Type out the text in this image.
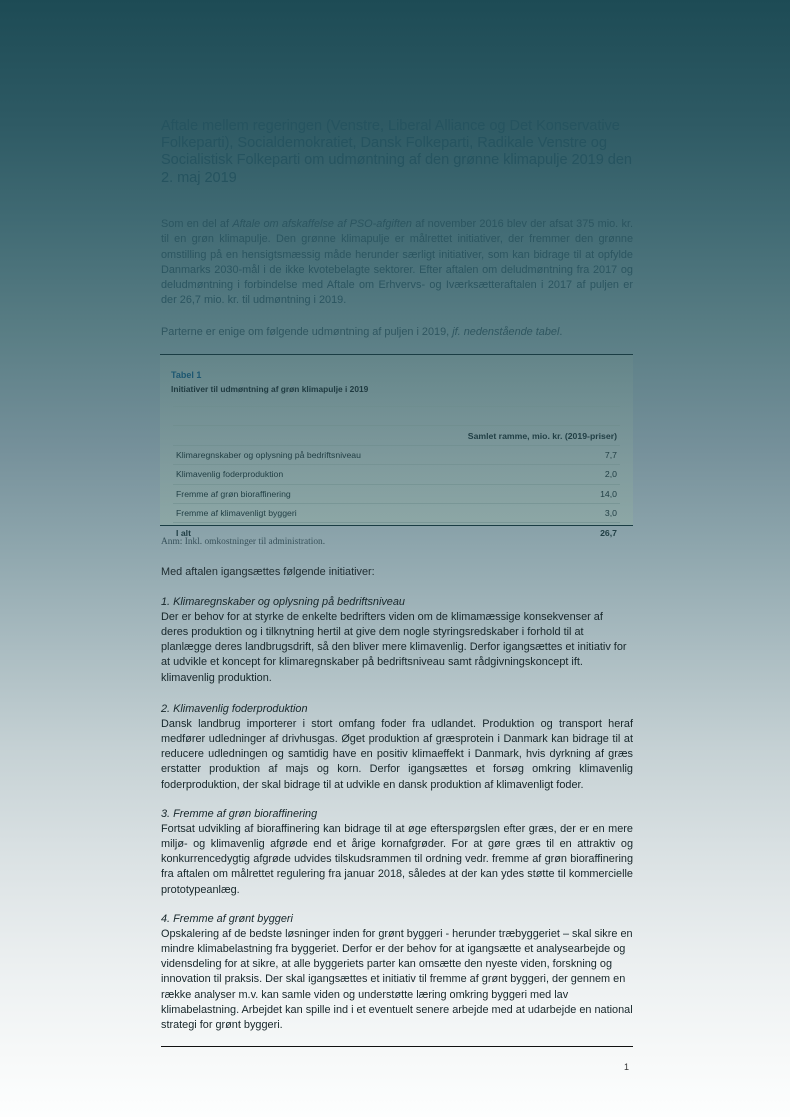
Aftale mellem regeringen (Venstre, Liberal Alliance og Det Konservative Folkeparti), Socialdemokratiet, Dansk Folkeparti, Radikale Venstre og Socialistisk Folkeparti om udmøntning af den grønne klimapulje 2019 den 2. maj 2019

Som en del af Aftale om afskaffelse af PSO-afgiften af november 2016 blev der afsat 375 mio. kr. til en grøn klimapulje. Den grønne klimapulje er målrettet initiativer, der fremmer den grønne omstilling på en hensigtsmæssig måde herunder særligt initiativer, som kan bidrage til at opfylde Danmarks 2030-mål i de ikke kvotebelagte sektorer. Efter aftalen om deludmøntning fra 2017 og deludmøntning i forbindelse med Aftale om Erhvervs- og Iværksætteraftalen i 2017 af puljen er der 26,7 mio. kr. til udmøntning i 2019.

Parterne er enige om følgende udmøntning af puljen i 2019, jf. nedenstående tabel.

Tabel 1
Initiativer til udmøntning af grøn klimapulje i 2019

Samlet ramme, mio. kr. (2019-priser)	
Klimaregnskaber og oplysning på bedriftsniveau	7,7
Klimavenlig foderproduktion	2,0
Fremme af grøn bioraffinering	14,0
Fremme af klimavenligt byggeri	3,0
I alt	26,7
Anm: Inkl. omkostninger til administration.

Med aftalen igangsættes følgende initiativer:

1. Klimaregnskaber og oplysning på bedriftsniveau

Der er behov for at styrke de enkelte bedrifters viden om de klimamæssige konsekvenser af deres produktion og i tilknytning hertil at give dem nogle styringsredskaber i forhold til at planlægge deres landbrugsdrift, så den bliver mere klimavenlig. Derfor igangsættes et initiativ for at udvikle et koncept for klimaregnskaber på bedriftsniveau samt rådgivningskoncept ift. klimavenlig produktion.

2. Klimavenlig foderproduktion

Dansk landbrug importerer i stort omfang foder fra udlandet. Produktion og transport heraf medfører udledninger af drivhusgas. Øget produktion af græsprotein i Danmark kan bidrage til at reducere udledningen og samtidig have en positiv klimaeffekt i Danmark, hvis dyrkning af græs erstatter produktion af majs og korn. Derfor igangsættes et forsøg omkring klimavenlig foderproduktion, der skal bidrage til at udvikle en dansk produktion af klimavenligt foder.

3. Fremme af grøn bioraffinering

Fortsat udvikling af bioraffinering kan bidrage til at øge efterspørgslen efter græs, der er en mere miljø- og klimavenlig afgrøde end et årige kornafgrøder. For at gøre græs til en attraktiv og konkurrencedygtig afgrøde udvides tilskudsrammen til ordning vedr. fremme af grøn bioraffinering fra aftalen om målrettet regulering fra januar 2018, således at der kan ydes støtte til kommercielle prototypeanlæg.

4. Fremme af grønt byggeri

Opskalering af de bedste løsninger inden for grønt byggeri - herunder træbyggeriet – skal sikre en mindre klimabelastning fra byggeriet. Derfor er der behov for at igangsætte et analysearbejde og vidensdeling for at sikre, at alle byggeriets parter kan omsætte den nyeste viden, forskning og innovation til praksis. Der skal igangsættes et initiativ til fremme af grønt byggeri, der gennem en række analyser m.v. kan samle viden og understøtte læring omkring byggeri med lav klimabelastning. Arbejdet kan spille ind i et eventuelt senere arbejde med at udarbejde en national strategi for grønt byggeri.

1
